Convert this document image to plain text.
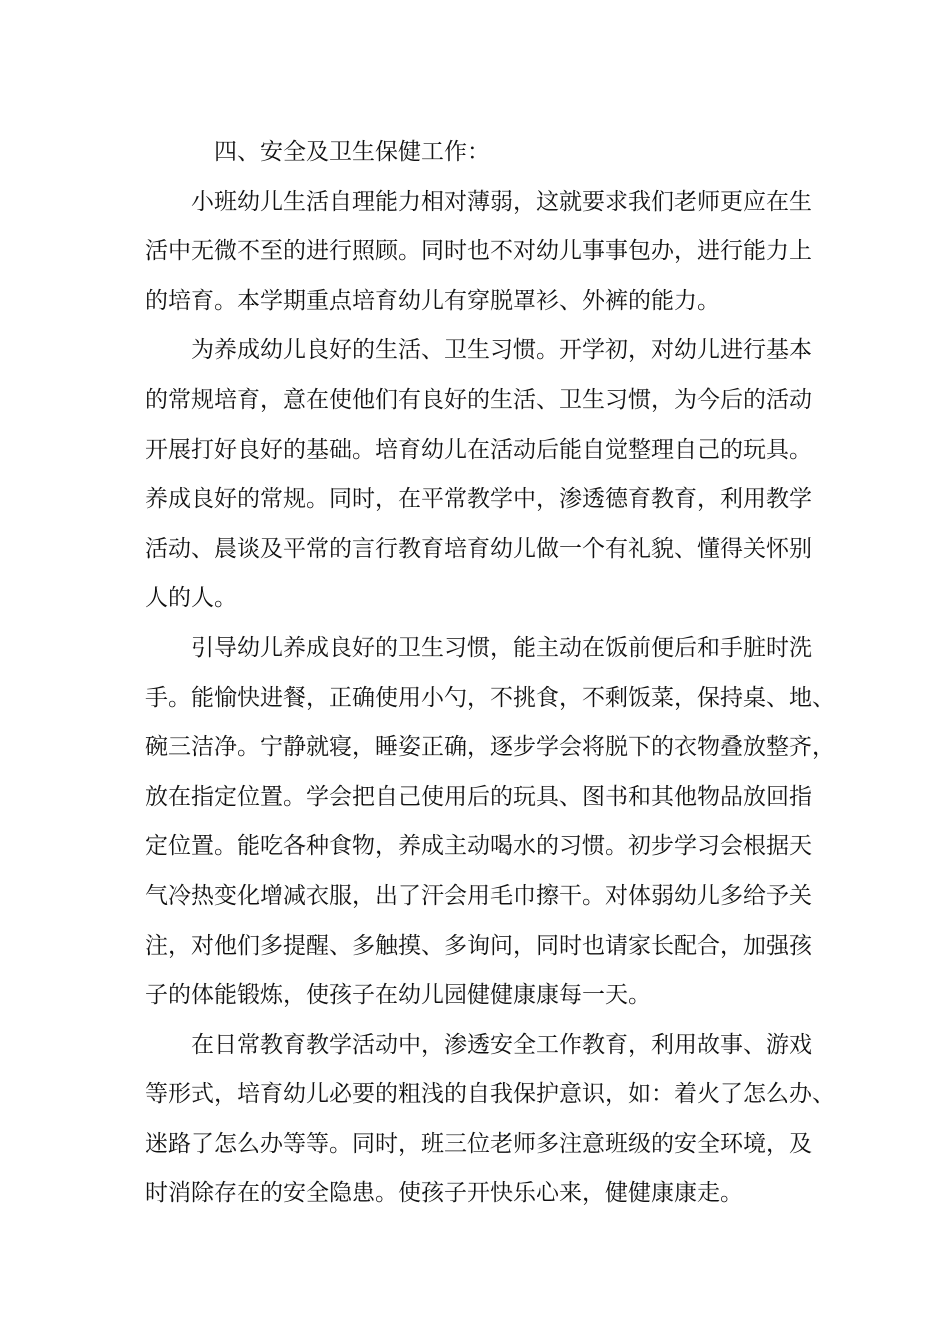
四、安全及卫生保健工作：
小班幼儿生活自理能力相对薄弱，这就要求我们老师更应在生
活中无微不至的进行照顾。同时也不对幼儿事事包办，进行能力上
的培育。本学期重点培育幼儿有穿脱罩衫、外裤的能力。
为养成幼儿良好的生活、卫生习惯。开学初，对幼儿进行基本
的常规培育，意在使他们有良好的生活、卫生习惯，为今后的活动
开展打好良好的基础。培育幼儿在活动后能自觉整理自己的玩具。
养成良好的常规。同时，在平常教学中，渗透德育教育，利用教学
活动、晨谈及平常的言行教育培育幼儿做一个有礼貌、懂得关怀别
人的人。
引导幼儿养成良好的卫生习惯，能主动在饭前便后和手脏时洗
手。能愉快进餐，正确使用小勺，不挑食，不剩饭菜，保持桌、地、
碗三洁净。宁静就寝，睡姿正确，逐步学会将脱下的衣物叠放整齐，
放在指定位置。学会把自己使用后的玩具、图书和其他物品放回指
定位置。能吃各种食物，养成主动喝水的习惯。初步学习会根据天
气冷热变化增减衣服，出了汗会用毛巾擦干。对体弱幼儿多给予关
注，对他们多提醒、多触摸、多询问，同时也请家长配合，加强孩
子的体能锻炼，使孩子在幼儿园健健康康每一天。
在日常教育教学活动中，渗透安全工作教育，利用故事、游戏
等形式，培育幼儿必要的粗浅的自我保护意识，如：着火了怎么办、
迷路了怎么办等等。同时，班三位老师多注意班级的安全环境，及
时消除存在的安全隐患。使孩子开快乐心来，健健康康走。
